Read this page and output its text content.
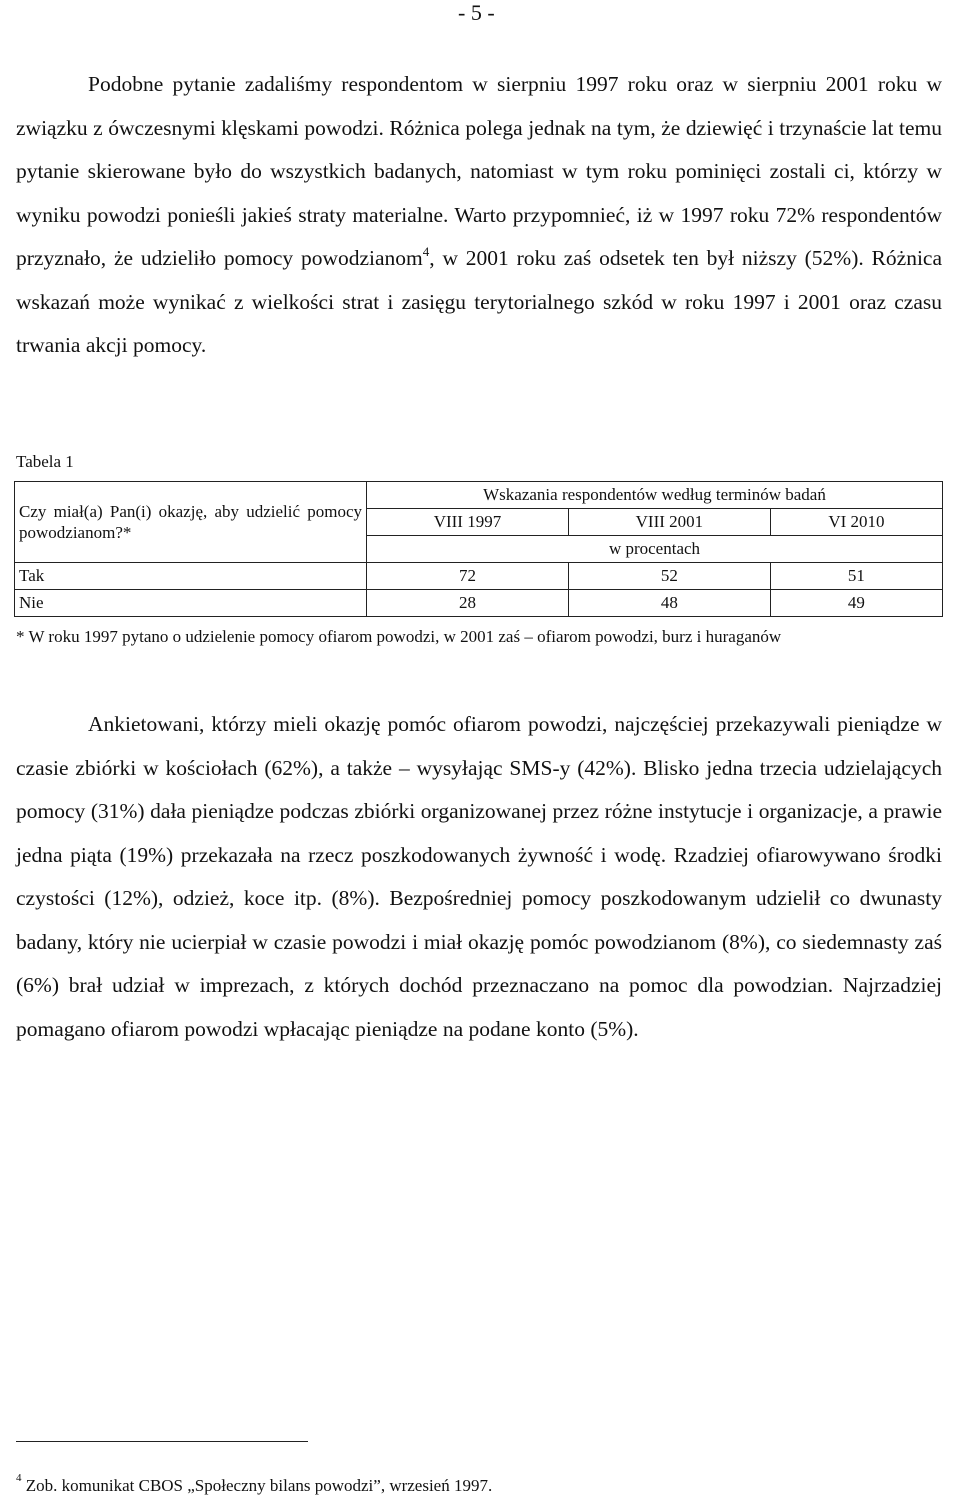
- 5 -

Podobne pytanie zadaliśmy respondentom w sierpniu 1997 roku oraz w sierpniu 2001 roku w związku z ówczesnymi klęskami powodzi. Różnica polega jednak na tym, że dziewięć i trzynaście lat temu pytanie skierowane było do wszystkich badanych, natomiast w tym roku pominięci zostali ci, którzy w wyniku powodzi ponieśli jakieś straty materialne. Warto przypomnieć, iż w 1997 roku 72% respondentów przyznało, że udzieliło pomocy powodzianom$^4$, w 2001 roku zaś odsetek ten był niższy (52%). Różnica wskazań może wynikać z wielkości strat i zasięgu terytorialnego szkód w roku 1997 i 2001 oraz czasu trwania akcji pomocy.

Tabela 1
Czy miał(a) Pan(i) okazję, aby udzielić pomocy powodzianom?*	Wskazania respondentów według terminów badań		
	VIII 1997	VIII 2001	VI 2010
	w procentach		
Tak	72	52	51
Nie	28	48	49
* W roku 1997 pytano o udzielenie pomocy ofiarom powodzi, w 2001 zaś – ofiarom powodzi, burz i huraganów

Ankietowani, którzy mieli okazję pomóc ofiarom powodzi, najczęściej przekazywali pieniądze w czasie zbiórki w kościołach (62%), a także – wysyłając SMS-y (42%). Blisko jedna trzecia udzielających pomocy (31%) dała pieniądze podczas zbiórki organizowanej przez różne instytucje i organizacje, a prawie jedna piąta (19%) przekazała na rzecz poszkodowanych żywność i wodę. Rzadziej ofiarowywano środki czystości (12%), odzież, koce itp. (8%). Bezpośredniej pomocy poszkodowanym udzielił co dwunasty badany, który nie ucierpiał w czasie powodzi i miał okazję pomóc powodzianom (8%), co siedemnasty zaś (6%) brał udział w imprezach, z których dochód przeznaczano na pomoc dla powodzian. Najrzadziej pomagano ofiarom powodzi wpłacając pieniądze na podane konto (5%).

$^4$ Zob. komunikat CBOS „Społeczny bilans powodzi”, wrzesień 1997.
